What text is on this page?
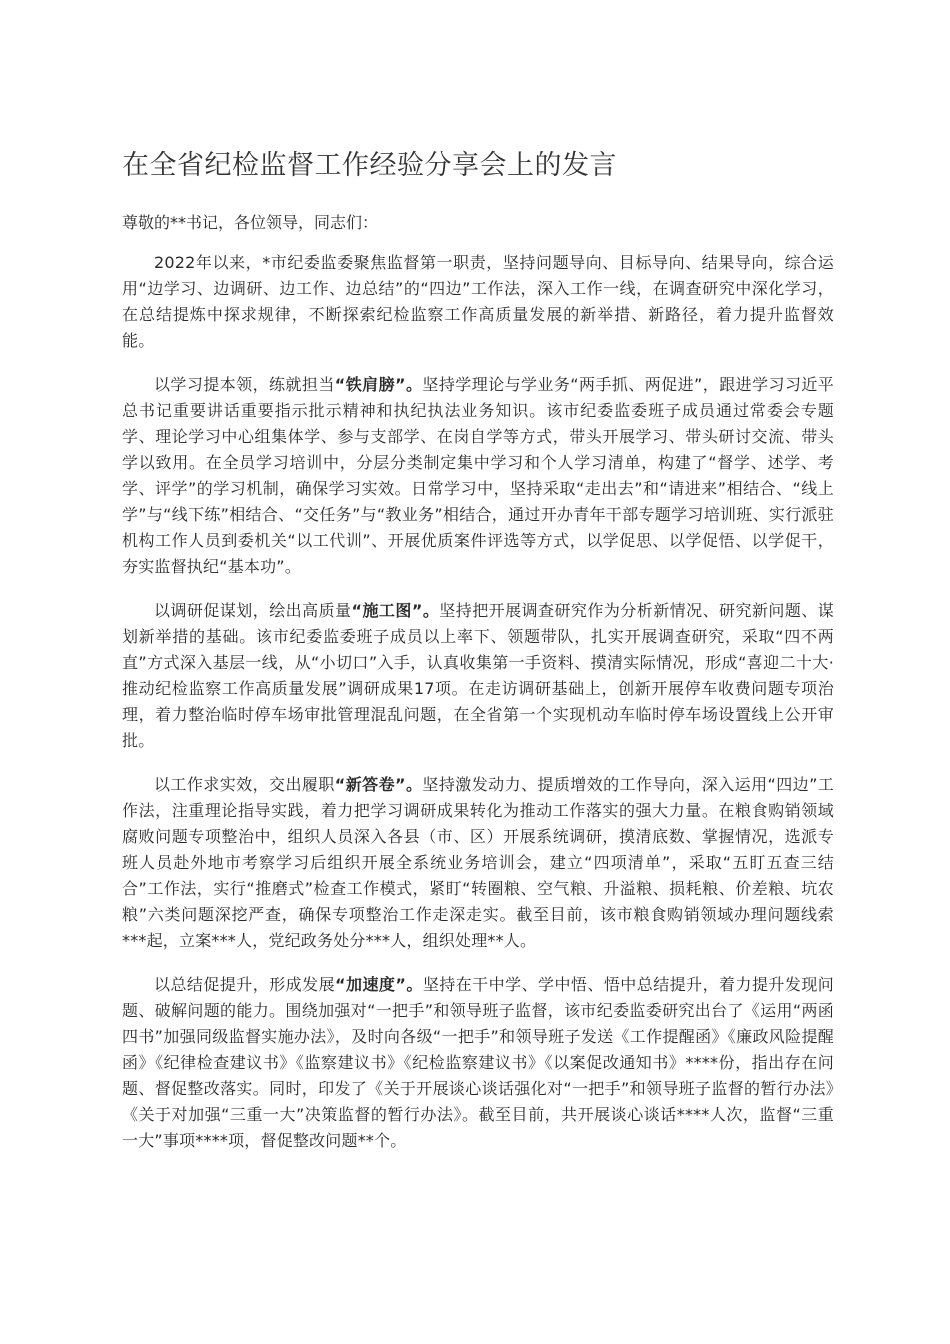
在全省纪检监督工作经验分享会上的发言

尊敬的**书记，各位领导，同志们：

2022年以来，*市纪委监委聚焦监督第一职责，坚持问题导向、目标导向、结果导向，综合运用“边学习、边调研、边工作、边总结”的“四边”工作法，深入工作一线，在调查研究中深化学习，在总结提炼中探求规律，不断探索纪检监察工作高质量发展的新举措、新路径，着力提升监督效能。

以学习提本领，练就担当“铁肩膀”。坚持学理论与学业务“两手抓、两促进”，跟进学习习近平总书记重要讲话重要指示批示精神和执纪执法业务知识。该市纪委监委班子成员通过常委会专题学、理论学习中心组集体学、参与支部学、在岗自学等方式，带头开展学习、带头研讨交流、带头学以致用。在全员学习培训中，分层分类制定集中学习和个人学习清单，构建了“督学、述学、考学、评学”的学习机制，确保学习实效。日常学习中，坚持采取“走出去”和“请进来”相结合、“线上学”与“线下练”相结合、“交任务”与“教业务”相结合，通过开办青年干部专题学习培训班、实行派驻机构工作人员到委机关“以工代训”、开展优质案件评选等方式，以学促思、以学促悟、以学促干，夯实监督执纪“基本功”。

以调研促谋划，绘出高质量“施工图”。坚持把开展调查研究作为分析新情况、研究新问题、谋划新举措的基础。该市纪委监委班子成员以上率下、领题带队，扎实开展调查研究，采取“四不两直”方式深入基层一线，从“小切口”入手，认真收集第一手资料、摸清实际情况，形成“喜迎二十大·推动纪检监察工作高质量发展”调研成果17项。在走访调研基础上，创新开展停车收费问题专项治理，着力整治临时停车场审批管理混乱问题，在全省第一个实现机动车临时停车场设置线上公开审批。

以工作求实效，交出履职“新答卷”。坚持激发动力、提质增效的工作导向，深入运用“四边”工作法，注重理论指导实践，着力把学习调研成果转化为推动工作落实的强大力量。在粮食购销领域腐败问题专项整治中，组织人员深入各县（市、区）开展系统调研，摸清底数、掌握情况，选派专班人员赴外地市考察学习后组织开展全系统业务培训会，建立“四项清单”，采取“五盯五查三结合”工作法，实行“推磨式”检查工作模式，紧盯“转圈粮、空气粮、升溢粮、损耗粮、价差粮、坑农粮”六类问题深挖严查，确保专项整治工作走深走实。截至目前，该市粮食购销领域办理问题线索***起，立案***人，党纪政务处分***人，组织处理**人。

以总结促提升，形成发展“加速度”。坚持在干中学、学中悟、悟中总结提升，着力提升发现问题、破解问题的能力。围绕加强对“一把手”和领导班子监督，该市纪委监委研究出台了《运用“两函四书”加强同级监督实施办法》，及时向各级“一把手”和领导班子发送《工作提醒函》《廉政风险提醒函》《纪律检查建议书》《监察建议书》《纪检监察建议书》《以案促改通知书》****份，指出存在问题、督促整改落实。同时，印发了《关于开展谈心谈话强化对“一把手”和领导班子监督的暂行办法》《关于对加强“三重一大”决策监督的暂行办法》。截至目前，共开展谈心谈话****人次，监督“三重一大”事项****项，督促整改问题**个。
